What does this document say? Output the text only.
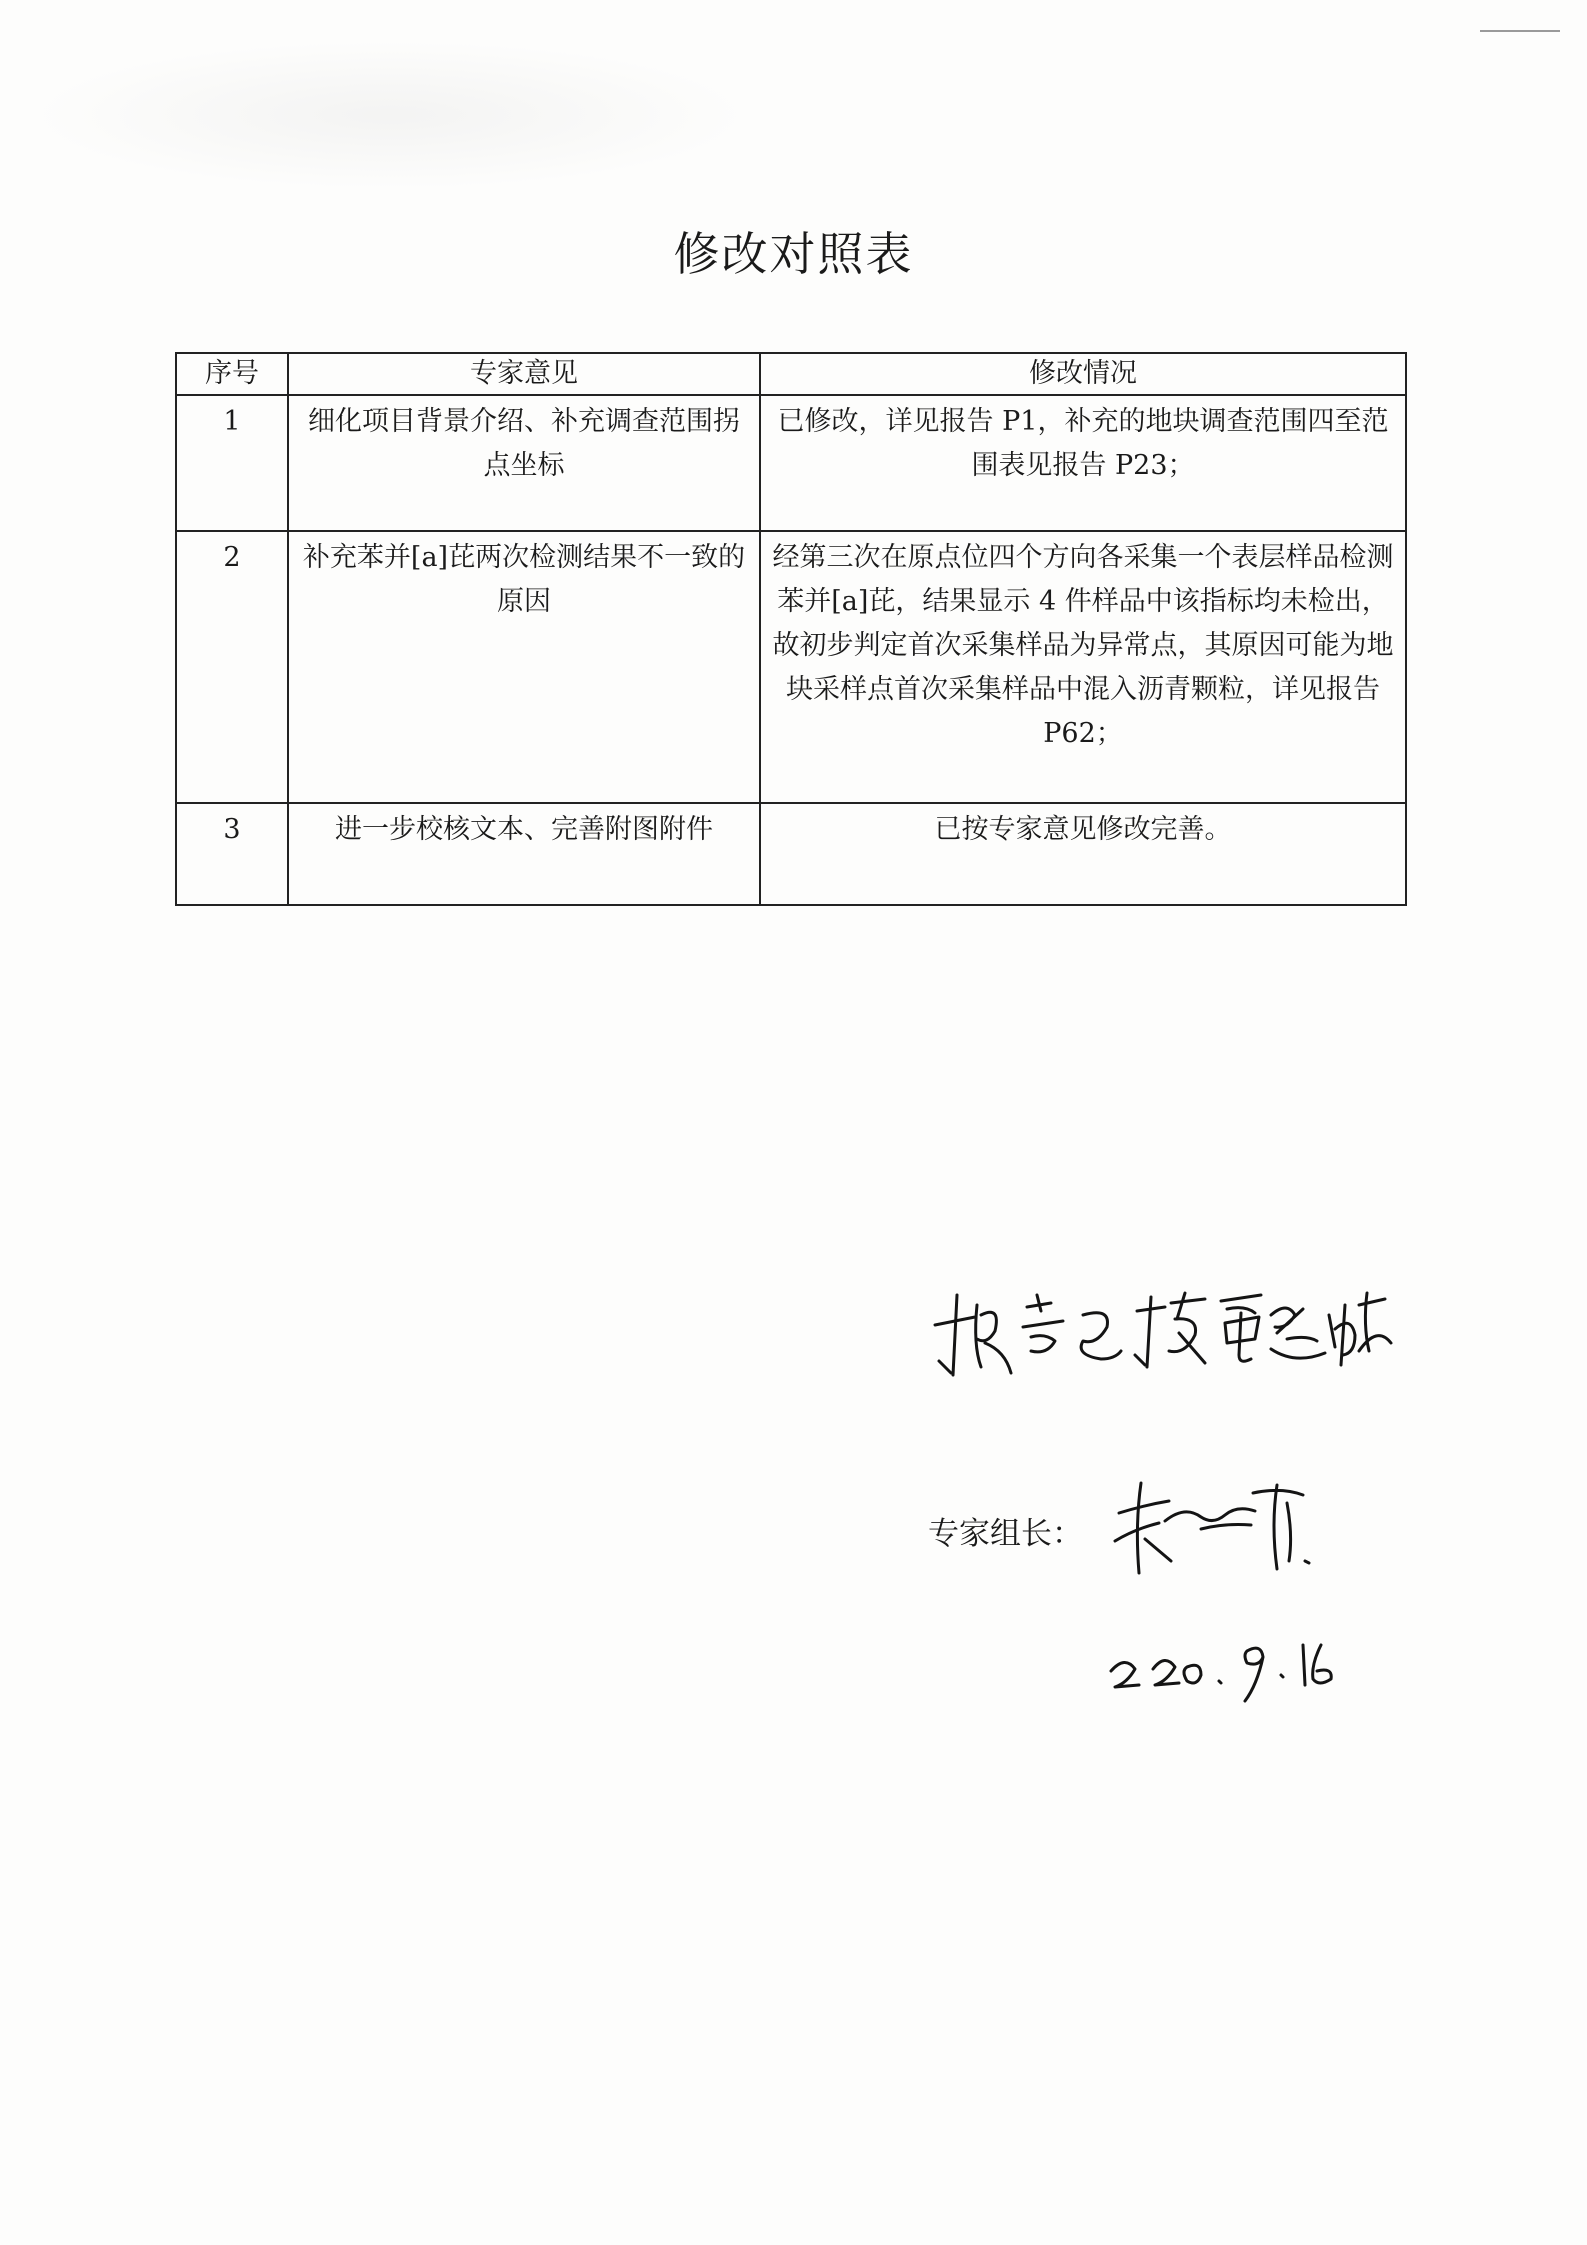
修改对照表
序号	专家意见	修改情况
1	细化项目背景介绍、补充调查范围拐点坐标	已修改，详见报告 P1，补充的地块调查范围四至范围表见报告 P23；
2	补充苯并[a]芘两次检测结果不一致的原因	经第三次在原点位四个方向各采集一个表层样品检测苯并[a]芘，结果显示 4 件样品中该指标均未检出，故初步判定首次采集样品为异常点，其原因可能为地块采样点首次采集样品中混入沥青颗粒，详见报告 P62；
3	进一步校核文本、完善附图附件	已按专家意见修改完善。
专家组长：
